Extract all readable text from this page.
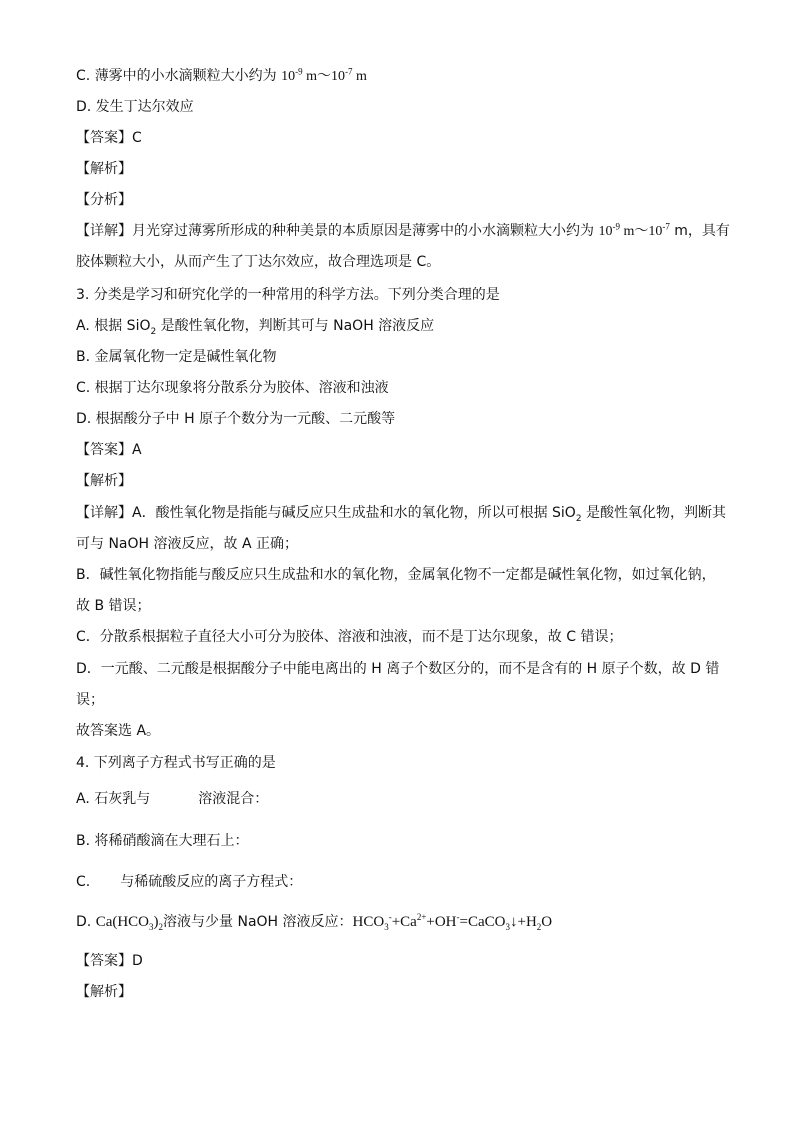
C. 薄雾中的小水滴颗粒大小约为 $10^{-9}$ $m\sim 10^{-7}$ m
D. 发生丁达尔效应
【答案】C
【解析】
【分析】
【详解】月光穿过薄雾所形成的种种美景的本质原因是薄雾中的小水滴颗粒大小约为 $10^{-9}$ $m\sim 10^{-7}$ m，具有
胶体颗粒大小，从而产生了丁达尔效应，故合理选项是 C。
3. 分类是学习和研究化学的一种常用的科学方法。下列分类合理的是
A. 根据 SiO$_2$ 是酸性氧化物，判断其可与 NaOH 溶液反应
B. 金属氧化物一定是碱性氧化物
C. 根据丁达尔现象将分散系分为胶体、溶液和浊液
D. 根据酸分子中 H 原子个数分为一元酸、二元酸等
【答案】A
【解析】
【详解】A．酸性氧化物是指能与碱反应只生成盐和水的氧化物，所以可根据 SiO$_2$ 是酸性氧化物，判断其
可与 NaOH 溶液反应，故 A 正确；
B．碱性氧化物指能与酸反应只生成盐和水的氧化物，金属氧化物不一定都是碱性氧化物，如过氧化钠，
故 B 错误；
C．分散系根据粒子直径大小可分为胶体、溶液和浊液，而不是丁达尔现象，故 C 错误；
D．一元酸、二元酸是根据酸分子中能电离出的 H 离子个数区分的，而不是含有的 H 原子个数，故 D 错
误；
故答案选 A。
4. 下列离子方程式书写正确的是
A. 石灰乳与	溶液混合：
B. 将稀硝酸滴在大理石上：
C. 与稀硫酸反应的离子方程式：
D. $Ca(HCO_3)_2$溶液与少量 NaOH 溶液反应：$HCO_3^-+Ca^{2+}+OH^-=CaCO_3↓+H_2O$
【答案】D
【解析】
